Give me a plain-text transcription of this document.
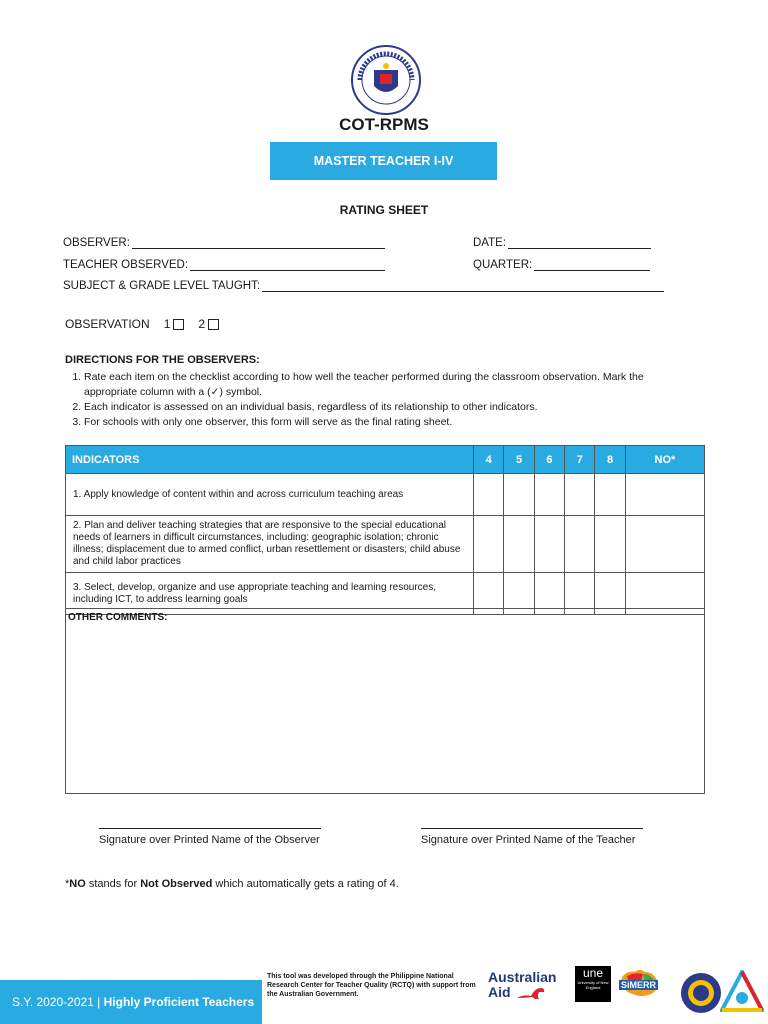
COT-RPMS
MASTER TEACHER I-IV
RATING SHEET
OBSERVER:	DATE:
TEACHER OBSERVED:	QUARTER:
SUBJECT & GRADE LEVEL TAUGHT:
OBSERVATION 1 2
DIRECTIONS FOR THE OBSERVERS:
1. Rate each item on the checklist according to how well the teacher performed during the classroom observation. Mark the appropriate column with a (✓) symbol.
2. Each indicator is assessed on an individual basis, regardless of its relationship to other indicators.
3. For schools with only one observer, this form will serve as the final rating sheet.
INDICATORS	4	5	6	7	8	NO*

1. Apply knowledge of content within and across curriculum teaching areas						

2. Plan and deliver teaching strategies that are responsive to the special educational needs of learners in difficult circumstances, including: geographic isolation; chronic illness; displacement due to armed conflict, urban resettlement or disasters; child abuse and child labor practices						

3. Select, develop, organize and use appropriate teaching and learning resources, including ICT, to address learning goals						

OTHER COMMENTS:
Signature over Printed Name of the Observer	Signature over Printed Name of the Teacher
*NO stands for Not Observed which automatically gets a rating of 4.
S.Y. 2020-2021 | Highly Proficient Teachers
This tool was developed through the Philippine National Research Center for Teacher Quality (RCTQ) with support from the Australian Government.
Australian
Aid
une
University of New England	SiMERR
